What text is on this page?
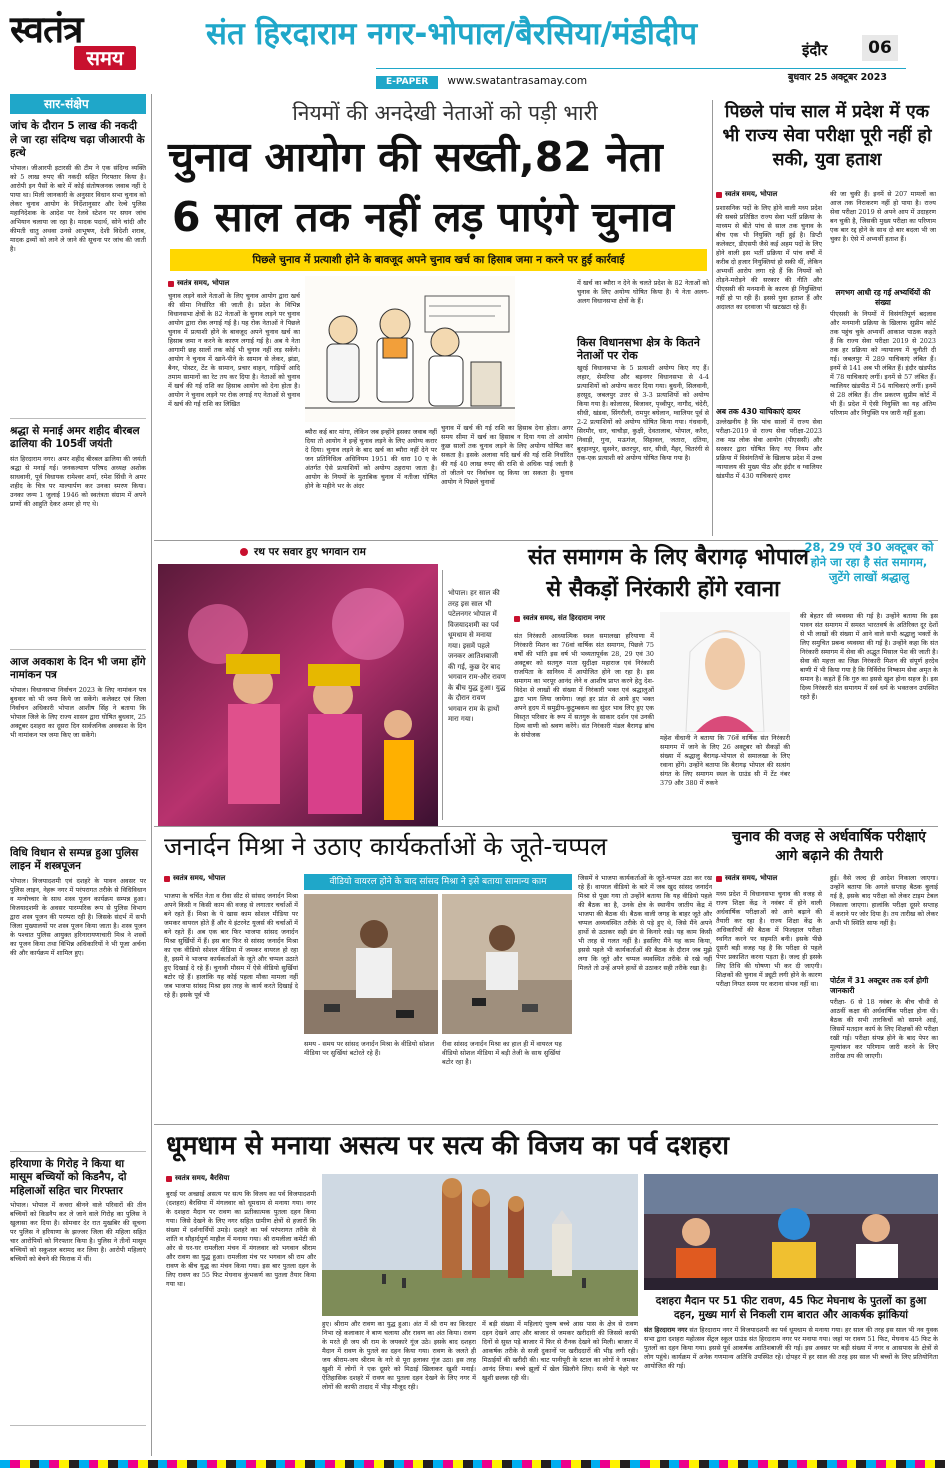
स्वतंत्र
समय
संत हिरदाराम नगर-भोपाल/बैरसिया/मंडीदीप	इंदौर	06
E-PAPER www.swatantrasamay.com	बुधवार 25 अक्टूबर 2023
सार-संक्षेप
जांच के दौरान 5 लाख की नकदी ले जा रहा संदिग्ध चढ़ा जीआरपी के हत्थे
भोपाल। जीआरपी इटारसी की टीम ने एक संदिग्ध व्यक्ति को 5 लाख रुपए की नकदी सहित गिरफ्तार किया है। आरोपी इन पैसों के बारे में कोई संतोषजनक जवाब नहीं दे पाया था। मिली जानकारी के अनुसार विधान सभा चुनाव को लेकर चुनाव आयोग के निर्देशानुसार और रेल्वे पुलिस महानिदेशक के आदेश पर रेलवे स्टेशन पर सघन जांच अभियान चलाया जा रहा है। मादक पदार्थ, सोने चांदी और कीमती धातु अथवा उनसे आभूषण, देशी विदेशी शराब, मादक द्रव्यों को लाने ले जाने की सूचना पर जांच की जाती है।
श्रद्धा से मनाई अमर शहीद बीरबल ढालिया की 105वीं जयंती
संत हिरदाराम नगर। अमर शहीद बीरबल ढालिया की जयंती श्रद्धा से मनाई गई। जनकल्याण परिषद अध्यक्ष अशोक साधवानी, पूर्व विधायक रामेश्वर शर्मा, रमेश सिंधी ने अमर शहीद के चित्र पर माल्यार्पण कर उनका स्मरण किया। उनका जन्म 1 जुलाई 1946 को स्वतंत्रता संग्राम में अपने प्राणों की आहुति देकर अमर हो गए थे।
आज अवकाश के दिन भी जमा होंगे नामांकन पत्र
भोपाल। विधानसभा निर्वाचन 2023 के लिए नामांकन पत्र बुधवार को भी जमा किये जा सकेंगे। कलेक्टर एवं जिला निर्वाचन अधिकारी भोपाल आशीष सिंह ने बताया कि भोपाल जिले के लिए राज्य शासन द्वारा घोषित बुधवार, 25 अक्टूबर दशहरा का दूसरा दिन सार्वजनिक अवकाश के दिन भी नामांकन पत्र जमा किए जा सकेंगे।
विधि विधान से सम्पन्न हुआ पुलिस लाइन में शस्त्रपूजन
भोपाल। विजयादशमी एवं दशहरे के पावन अवसर पर पुलिस लाइन, नेहरू नगर में परंपरागत तरीके से विधिविधान व मन्त्रोच्चार के साथ शस्त्र पूजन कार्यक्रम सम्पन्न हुआ। विजयादशमी के अवसर पारम्परिक रूप से पुलिस विभाग द्वारा शस्त्र पूजन की परम्परा रही है। जिसके संदर्भ में सभी जिला मुख्यालयों पर शस्त्र पूजन किया जाता है। शस्त्र पूजन के पश्चात पुलिस आयुक्त हरिनारायणाचारी मिश्र ने शस्त्रों का पूजन किया तथा विभिन्न अधिकारियों ने भी पूजा अर्चना की और कार्यक्रम में शामिल हुए।
हरियाणा के गिरोह ने किया था मासूम बच्चियों को किडनैप, दो महिलाओं सहित चार गिरफ्तार
भोपाल। भोपाल में कचरा बीनने वाले परिवारों की तीन बच्चियों को किडनैप कर ले जाने वाले गिरोह का पुलिस ने खुलासा कर दिया है। सोमवार देर रात मुखबिर की सूचना पर पुलिस ने हरियाणा के झज्जर जिला की महिला सहित चार आरोपियों को गिरफ्तार किया है। पुलिस ने तीनों मासूम बच्चियों को सकुशल बरामद कर लिया है। आरोपी महिलाएं बच्चियों को बेचने की फिराक में थीं।
नियमों की अनदेखी नेताओं को पड़ी भारी
चुनाव आयोग की सख्ती,82 नेता
6 साल तक नहीं लड़ पाएंगे चुनाव
पिछले चुनाव में प्रत्याशी होने के बावजूद अपने चुनाव खर्च का हिसाब जमा न करने पर हुई कार्रवाई
स्वतंत्र समय, भोपाल
चुनाव लड़ने वाले नेताओं के लिए चुनाव आयोग द्वारा खर्च की सीमा निर्धारित की जाती है। प्रदेश के विभिन्न विधानसभा क्षेत्रों के 82 नेताओं के चुनाव लड़ने पर चुनाव आयोग द्वारा रोक लगाई गई है। यह रोक नेताओं ने पिछले चुनाव में प्रत्याशी होने के बावजूद अपने चुनाव खर्च का हिसाब जमा न करने के कारण लगाई गई है। अब ये नेता आगामी छह सालों तक कोई भी चुनाव नहीं लड़ सकेंगे। आयोग ने चुनाव में खाने-पीने के सामान से लेकर, झंडा, बैनर, पोस्टर, टेंट के सामान, प्रचार वाहन, गाड़ियों आदि तमाम सामानों का रेट तय कर दिया है। नेताओं को चुनाव में खर्च की गई राशि का हिसाब आयोग को देना होता है। आयोग ने चुनाव लड़ने पर रोक लगाई गए नेताओं से चुनाव में खर्च की गई राशि का लिखित
ब्यौरा कई बार मांगा, लेकिन जब इन्होंने इसका जवाब नहीं दिया तो आयोग ने इन्हें चुनाव लड़ने के लिए अयोग्य करार दे दिया। चुनाव लड़ने के बाद खर्च का ब्यौरा नहीं देने पर जन प्रतिनिधित्व अधिनियम 1951 की धारा 10 ए के अंतर्गत ऐसे प्रत्याशियों को अयोग्य ठहराया जाता है। आयोग के नियमों के मुताबिक चुनाव में नतीजा घोषित होने के महीने भर के अंदर
चुनाव में खर्च की गई राशि का हिसाब देना होता। अगर समय सीमा में खर्च का हिसाब न दिया गया तो आयोग कुछ सालों तक चुनाव लड़ने के लिए अयोग्य घोषित कर सकता है। इसके अलावा यदि खर्च की गई राशि निर्धारित की गई 40 लाख रुपए की राशि से अधिक पाई जाती है तो जीतने पर निर्वाचन रद्द किया जा सकता है। चुनाव आयोग ने पिछले चुनावों
में खर्च का ब्यौरा न देने के चलते प्रदेश के 82 नेताओं को चुनाव के लिए अयोग्य घोषित किया है। ये नेता अलग-अलग विधानसभा क्षेत्रों के हैं।
किस विधानसभा क्षेत्र के कितने नेताओं पर रोक
खुरई विधानसभा के 5 प्रत्याशी अयोग्य किए गए हैं। लहार, सेमरिया और बड़नगर विधानसभा से 4-4 प्रत्याशियों को अयोग्य करार दिया गया। बुधनी, सिलवानी, हरसूद, जबलपुर उत्तर से 3-3 प्रत्याशियों को अयोग्य किया गया है। कोलारस, बिजावर, पृथ्वीपुर, नागौद, चंदेरी, सीधी, खंडवा, सिंगरौली, रामपुर बघेलान, ग्वालियर पूर्व से 2-2 प्रत्याशियों को अयोग्य घोषित किया गया। गंधवानी, सिरमौर, धार, चाचौड़ा, कुक्षी, देवतालाब, भोपाल, करैरा, निवाड़ी, गुना, मऊगंज, सिहावल, जतारा, दतिया, बुरहानपुर, सुसनेर, छतरपुर, धार, सीधी, मैहर, चितरंगी से एक-एक प्रत्याशी को अयोग्य घोषित किया गया है।
पिछले पांच साल में प्रदेश में एक भी राज्य सेवा परीक्षा पूरी नहीं हो सकी, युवा हताश
स्वतंत्र समय, भोपाल
प्रशासनिक पदों के लिए होने वाली मध्य प्रदेश की सबसे प्रतिष्ठित राज्य सेवा भर्ती प्रक्रिया के माध्यम से बीते पांच से साल तक चुनाव के बीच एक भी नियुक्ति नहीं हुई है। डिप्टी कलेक्टर, डीएसपी जैसे कई अहम पदों के लिए होने वाली इस भर्ती प्रक्रिया में पांच वर्षों में करीब दो हजार नियुक्तियां हो सकी थीं, लेकिन अभ्यर्थी आरोप लगा रहे हैं कि नियमों को तोड़ने-मरोड़ने की सरकार की नीति और पीएससी की मनमानी के कारण ही नियुक्तियां नहीं हो पा रही हैं। इससे युवा हताश हैं और अदालत का दरवाजा भी खटखटा रहे हैं।
अब तक 430 याचिकाएं दायर
उल्लेखनीय है कि पांच सालों में राज्य सेवा परीक्षा-2019 से राज्य सेवा परीक्षा-2023 तक मप्र लोक सेवा आयोग (पीएससी) और सरकार द्वारा घोषित किए गए नियम और प्रक्रिया में विसंगतियों के खिलाफ प्रदेश में उच्च न्यायालय की मुख्य पीठ और इंदौर व ग्वालियर खंडपीठ में 430 याचिकाएं दायर
की जा चुकी हैं। इनमें से 207 मामलों का आज तक निराकरण नहीं हो पाया है। राज्य सेवा परीक्षा 2019 से अपने आप में उदाहरण बन चुकी है, जिसकी मुख्य परीक्षा का परिणाम एक बार रद्द होने के साथ दो बार बदला भी जा चुका है। ऐसे में अभ्यर्थी हताश हैं।
लगभग आधी रह गई अभ्यर्थियों की संख्या
पीएससी के नियमों में विसंगतिपूर्ण बदलाव और मनमानी प्रक्रिया के खिलाफ सुप्रीम कोर्ट तक पहुंच चुके अभ्यर्थी आकाश पाठक कहते हैं कि राज्य सेवा परीक्षा 2019 से 2023 तक हर प्रक्रिया को न्यायालय में चुनौती दी गई। जबलपुर में 289 याचिकाएं लंबित हैं। इनमें से 141 अब भी लंबित हैं। इंदौर खंडपीठ में 78 याचिकाएं लगीं। इनमें से 57 लंबित हैं। ग्वालियर खंडपीठ में 54 याचिकाएं लगीं। इनमें से 28 लंबित हैं। तीन प्रकरण सुप्रीम कोर्ट में भी हैं। प्रदेश में ऐसी नियुक्ति का यह अंतिम परिणाम और नियुक्ति पत्र जारी नहीं हुआ।
रथ पर सवार हुए भगवान राम
भोपाल। हर साल की तरह इस साल भी पटेलनगर भोपाल में विजयादशमी का पर्व धूमधाम से मनाया गया। इसमें पहले जनकर आतिशबाजी की गई, कुछ देर बाद भगवान राम-और रावण के बीच युद्ध हुआ। युद्ध के दौरान रावण भगवान राम के हाथों मारा गया।
संत समागम के लिए बैरागढ़ भोपाल
से सैकड़ों निरंकारी होंगे रवाना
स्वतंत्र समय, संत हिरदाराम नगर
संत निरंकारी आध्यात्मिक स्थल समालखा हरियाणा में निरंकारी मिशन का 76वां वार्षिक संत समागम, पिछले 75 वर्षों की भांति इस वर्ष भी भव्यतापूर्वक 28, 29 एवं 30 अक्टूबर को सतगुरु माता सुदीक्षा महाराज एवं निरंकारी राजपिता के सानिध्य में आयोजित होने जा रहा है। इस समागम का भरपूर आनंद लेने व आशीष प्राप्त करने हेतु देश-विदेश से लाखों की संख्या में निरंकारी भक्त एवं श्रद्धालुओं द्वारा भाग लिया जायेगा। जहां हर प्रांत से आये हुए भक्त अपने हृदय में समुद्रीय-कुटुम्बकम का सुंदर भाव लिए हुए एक विस्तृत परिवार के रूप में सतगुरु के साकार दर्शन एवं उनकी दिव्य वाणी को श्रवण करेंगे। संत निरंकारी मंडल बैरागढ़ ब्रांच के संयोजक	महेश वीधानी ने बताया कि 76वें वार्षिक संत निरंकारी समागम में जाने के लिए 26 अक्टूबर को सैकड़ों की संख्या में श्रद्धालु बैरागढ़-भोपाल से समालखा के लिए रवाना होंगे। उन्होंने बताया कि बैरागढ़ भोपाल की सत्संग संगत के लिए समागम स्थल के ग्राउंड सी में टेंट नंबर 379 और 380 में रुकने
28, 29 एवं 30 अक्टूबर को होने जा रहा है संत समागम, जुटेंगे लाखों श्रद्धालु
की बेहतर सी व्यवस्था की गई है। उन्होंने बताया कि इस पावन संत समागम में समस्त भारतवर्ष के अतिरिक्त दूर देशों से भी लाखों की संख्या में आने वाले सभी श्रद्धालु भक्तों के लिए समुचित प्रबन्ध व्यवस्था की गई है। उन्होंने कहा कि संत निरंकारी समागम में सेवा की अद्भुत मिसाल पेश की जाती है। सेवा की महत्ता का जिक्र निरंकारी मिशन की संपूर्ण हरदेव बाणी में भी किया गया है कि निर्विरोध निष्काम सेवा अमृत के समान है। कहते हैं कि गुरु का इससे खुश होना सहज है। इस दिव्य निरंकारी संत समागम में सर्व धर्म के भक्तजन उपस्थित रहते हैं।
जनार्दन मिश्रा ने उठाए कार्यकर्ताओं के जूते-चप्पल
स्वतंत्र समय, भोपाल
भाजपा के चर्चित नेता व रीवा सीट से सांसद जनार्दन मिश्रा अपने किसी न किसी काम की वजह से लगातार चर्चाओं में बने रहते हैं। मिश्रा के ये खास काम सोशल मीडिया पर जमकर वायरल होते हैं और ये इंटरनेट यूजर्स की चर्चाओं में बने रहते हैं। अब एक बार फिर भाजपा सांसद जनार्दन मिश्रा सुर्खियों में हैं। इस बार फिर से सांसद जनार्दन मिश्रा का एक वीडियो सोशल मीडिया में जमकर वायरल हो रहा है, इसमें वे भाजपा कार्यकर्ताओं के जूते और चप्पल उठाते हुए दिखाई दे रहे हैं। चुनावी मौसम में ऐसे वीडियो सुर्खियां बटोर रहे हैं। हालांकि यह कोई पहला मौका मामला नहीं जब भाजपा सांसद मिश्रा इस तरह के कार्य करते दिखाई दे रहे हैं। इसके पूर्व भी
वीडियो वायरल होने के बाद सांसद मिश्रा ने इसे बताया सामान्य काम
समय - समय पर सांसद जनार्दन मिश्रा के वीडियो सोशल मीडिया पर सुर्खियां बटोरते रहे हैं।
रीवा सांसद जनार्दन मिश्रा का हाल ही में वायरल यह वीडियो सोशल मीडिया में बड़ी तेजी के साथ सुर्खियां बटोर रहा है।
जिसमें वे भाजपा कार्यकर्ताओं के जूते-चप्पल उठा कर रख रहे हैं। वायरल वीडियो के बारे में जब खुद सांसद जनार्दन मिश्रा से पूछा गया तो उन्होंने बताया कि यह वीडियो पहले की बैठक का है, उनके क्षेत्र के स्थानीय जातीय केंद्र में भाजपा की बैठक थी। बैठक वाली जगह के बाहर जूते और चप्पल अव्यवस्थित तरीके से पड़े हुए थे, जिसे मैंने अपने हाथों से उठाकर सही ढंग से किनारे रखे। यह काम किसी भी तरह से गलत नहीं है। इसलिए मैंने यह काम किया, इससे पहले भी कार्यकर्ताओं की बैठक के दौरान जब मुझे लगा कि जूते और चप्पल व्यवस्थित तरीके से रखे नहीं मिलते तो उन्हें अपने हाथों से उठाकर सही तरीके रखा है।
चुनाव की वजह से अर्धवार्षिक परीक्षाएं आगे बढ़ाने की तैयारी
स्वतंत्र समय, भोपाल
मध्य प्रदेश में विधानसभा चुनाव की वजह से राज्य शिक्षा केंद्र ने नवंबर में होने वाली अर्धवार्षिक परीक्षाओं को आगे बढ़ाने की तैयारी कर रहा है। राज्य शिक्षा केंद्र के अधिकारियों की बैठक में फिलहाल परीक्षा स्थगित करने पर सहमति बनी। इसके पीछे दूसरी बड़ी वजह यह है कि परीक्षा से पहले पेपर प्रकाशित करना पड़ता है। जल्द ही इसके लिए तिथि की घोषणा भी कर दी जाएगी। शिक्षकों की चुनाव में ड्यूटी लगी होने के कारण परीक्षा नियत समय पर कराना संभव नहीं था।
हुई। वैसे जल्द ही आदेश निकाला जाएगा। उन्होंने बताया कि अगले सप्ताह बैठक बुलाई गई है, इसके बाद परीक्षा को लेकर टाइम टेबल निकाला जाएगा। हालांकि परीक्षा दूसरे सप्ताह में कराने पर जोर दिया है। तय तारीख को लेकर अभी भी स्थिति साफ नहीं है।
पोर्टल में 31 अक्टूबर तक दर्ज होगी जानकारी
परीक्षा- 6 से 18 नवंबर के बीच चौथी से आठवीं कक्षा की अर्धवार्षिक परीक्षा होना थी। बैठक की सभी तारकिचों को सामने आई, जिसमें मतदान कार्य के लिए शिक्षकों की परीक्षा रखी गई। परीक्षा संपन्न होने के बाद पेपर का मूल्यांकन कर परिणाम जारी करने के लिए तारीख तय की जाएगी।
धूमधाम से मनाया असत्य पर सत्य की विजय का पर्व दशहरा
स्वतंत्र समय, बैरसिया
बुराई पर अच्छाई असत्य पर सत्य कि विजय का पर्व विजयादशमी (दशहरा) बैरसिया में मंगलवार को धूमधाम से मनाया गया। नगर के दशहरा मैदान पर रावण का प्रतीकात्मक पुतला दहन किया गया। जिसे देखने के लिए नगर सहित ग्रामीण क्षेत्रों से हजारों कि संख्या में दर्शनार्थियों उमड़े। दशहरे का पर्व परंपरागत तरीके से शांति व सौहार्दपूर्ण माहौल में मनाया गया। श्री रामलीला कमेटी की ओर से घर-घर रामलीला मंचन में मंगलवार को भगवान श्रीराम और रावण का युद्ध हुआ। रामलीला मंच पर भगवान श्री राम और रावण के बीच युद्ध का मंचन किया गया। इस बार पुतला दहन के लिए रावण का 55 फिट मेघनाथ कुंभकर्ण का पुतला तैयार किया गया था।
हुए। श्रीराम और रावण का युद्ध हुआ। अंत में श्री राम का किरदार निभा रहे कलाकार ने बाण चलाया और रावण का अंत किया। रावण के मरते ही जय श्री राम के जयकारे गूंज उठे। इसके बाद दशहरा मैदान में रावण के पुतले का दहन किया गया। रावण के जलते ही जय श्रीराम-जय श्रीराम के नारे से पूरा इलाका गूंज उठा। इस तरह खुशी में लोगों ने एक दूसरे को मिठाई खिलाकर खुशी मनाई। ऐतिहासिक दशहरे में रावण का पुतला दहन देखने के लिए नगर में लोगों की काफी तादाद में भीड़ मौजूद रही।
में बड़ी संख्या में महिलाएं पुरुष बच्चे आस पास के क्षेत्र से रावण दहन देखने आए और बाजार से जमकर खरीदारी की जिससे काफी दिनों से सुस्त पड़े बाजार में फिर से रौनक देखने को मिली। बाजार में आकर्षक तरीके से सजी दुकानों पर खरीददारों की भीड़ लगी रही। मिठाईयों की खरीदी की। चाट पानीपूरी के स्टाल का लोगों ने जमकर आनंद लिया। बच्चे झूलों में खेल खिलौने लिए। सभी के चेहरे पर खुशी छलक रही थी।
दशहरा मैदान पर 51 फीट रावण, 45 फिट मेघनाथ के पुतलों का हुआ दहन, मुख्य मार्ग से निकली राम बारात और आकर्षक झांकियां
संत हिरदाराम नगर संत हिरदाराम नगर में विजयादशमी का पर्व धूमधाम से मनाया गया। हर साल की तरह इस साल भी नव युवक सभा द्वारा दशहरा महोत्सव सेंट्रल स्कूल ग्राउंड संत हिरदाराम नगर पर मनाया गया। जहां पर रावण 51 फिट, मेघनाथ 45 फिट के पुतलों का दहन किया गया। इससे पूर्व आकर्षक आतिशबाजी की गई। इस अवसर पर बड़ी संख्या में नगर व आसपास के क्षेत्रों से लोग पहुंचे। कार्यक्रम में अनेक गणमान्य अतिथि उपस्थित रहे। दोपहर में हर साल की तरह इस साल भी बच्चों के लिए प्रतियोगिता आयोजित की गई।
